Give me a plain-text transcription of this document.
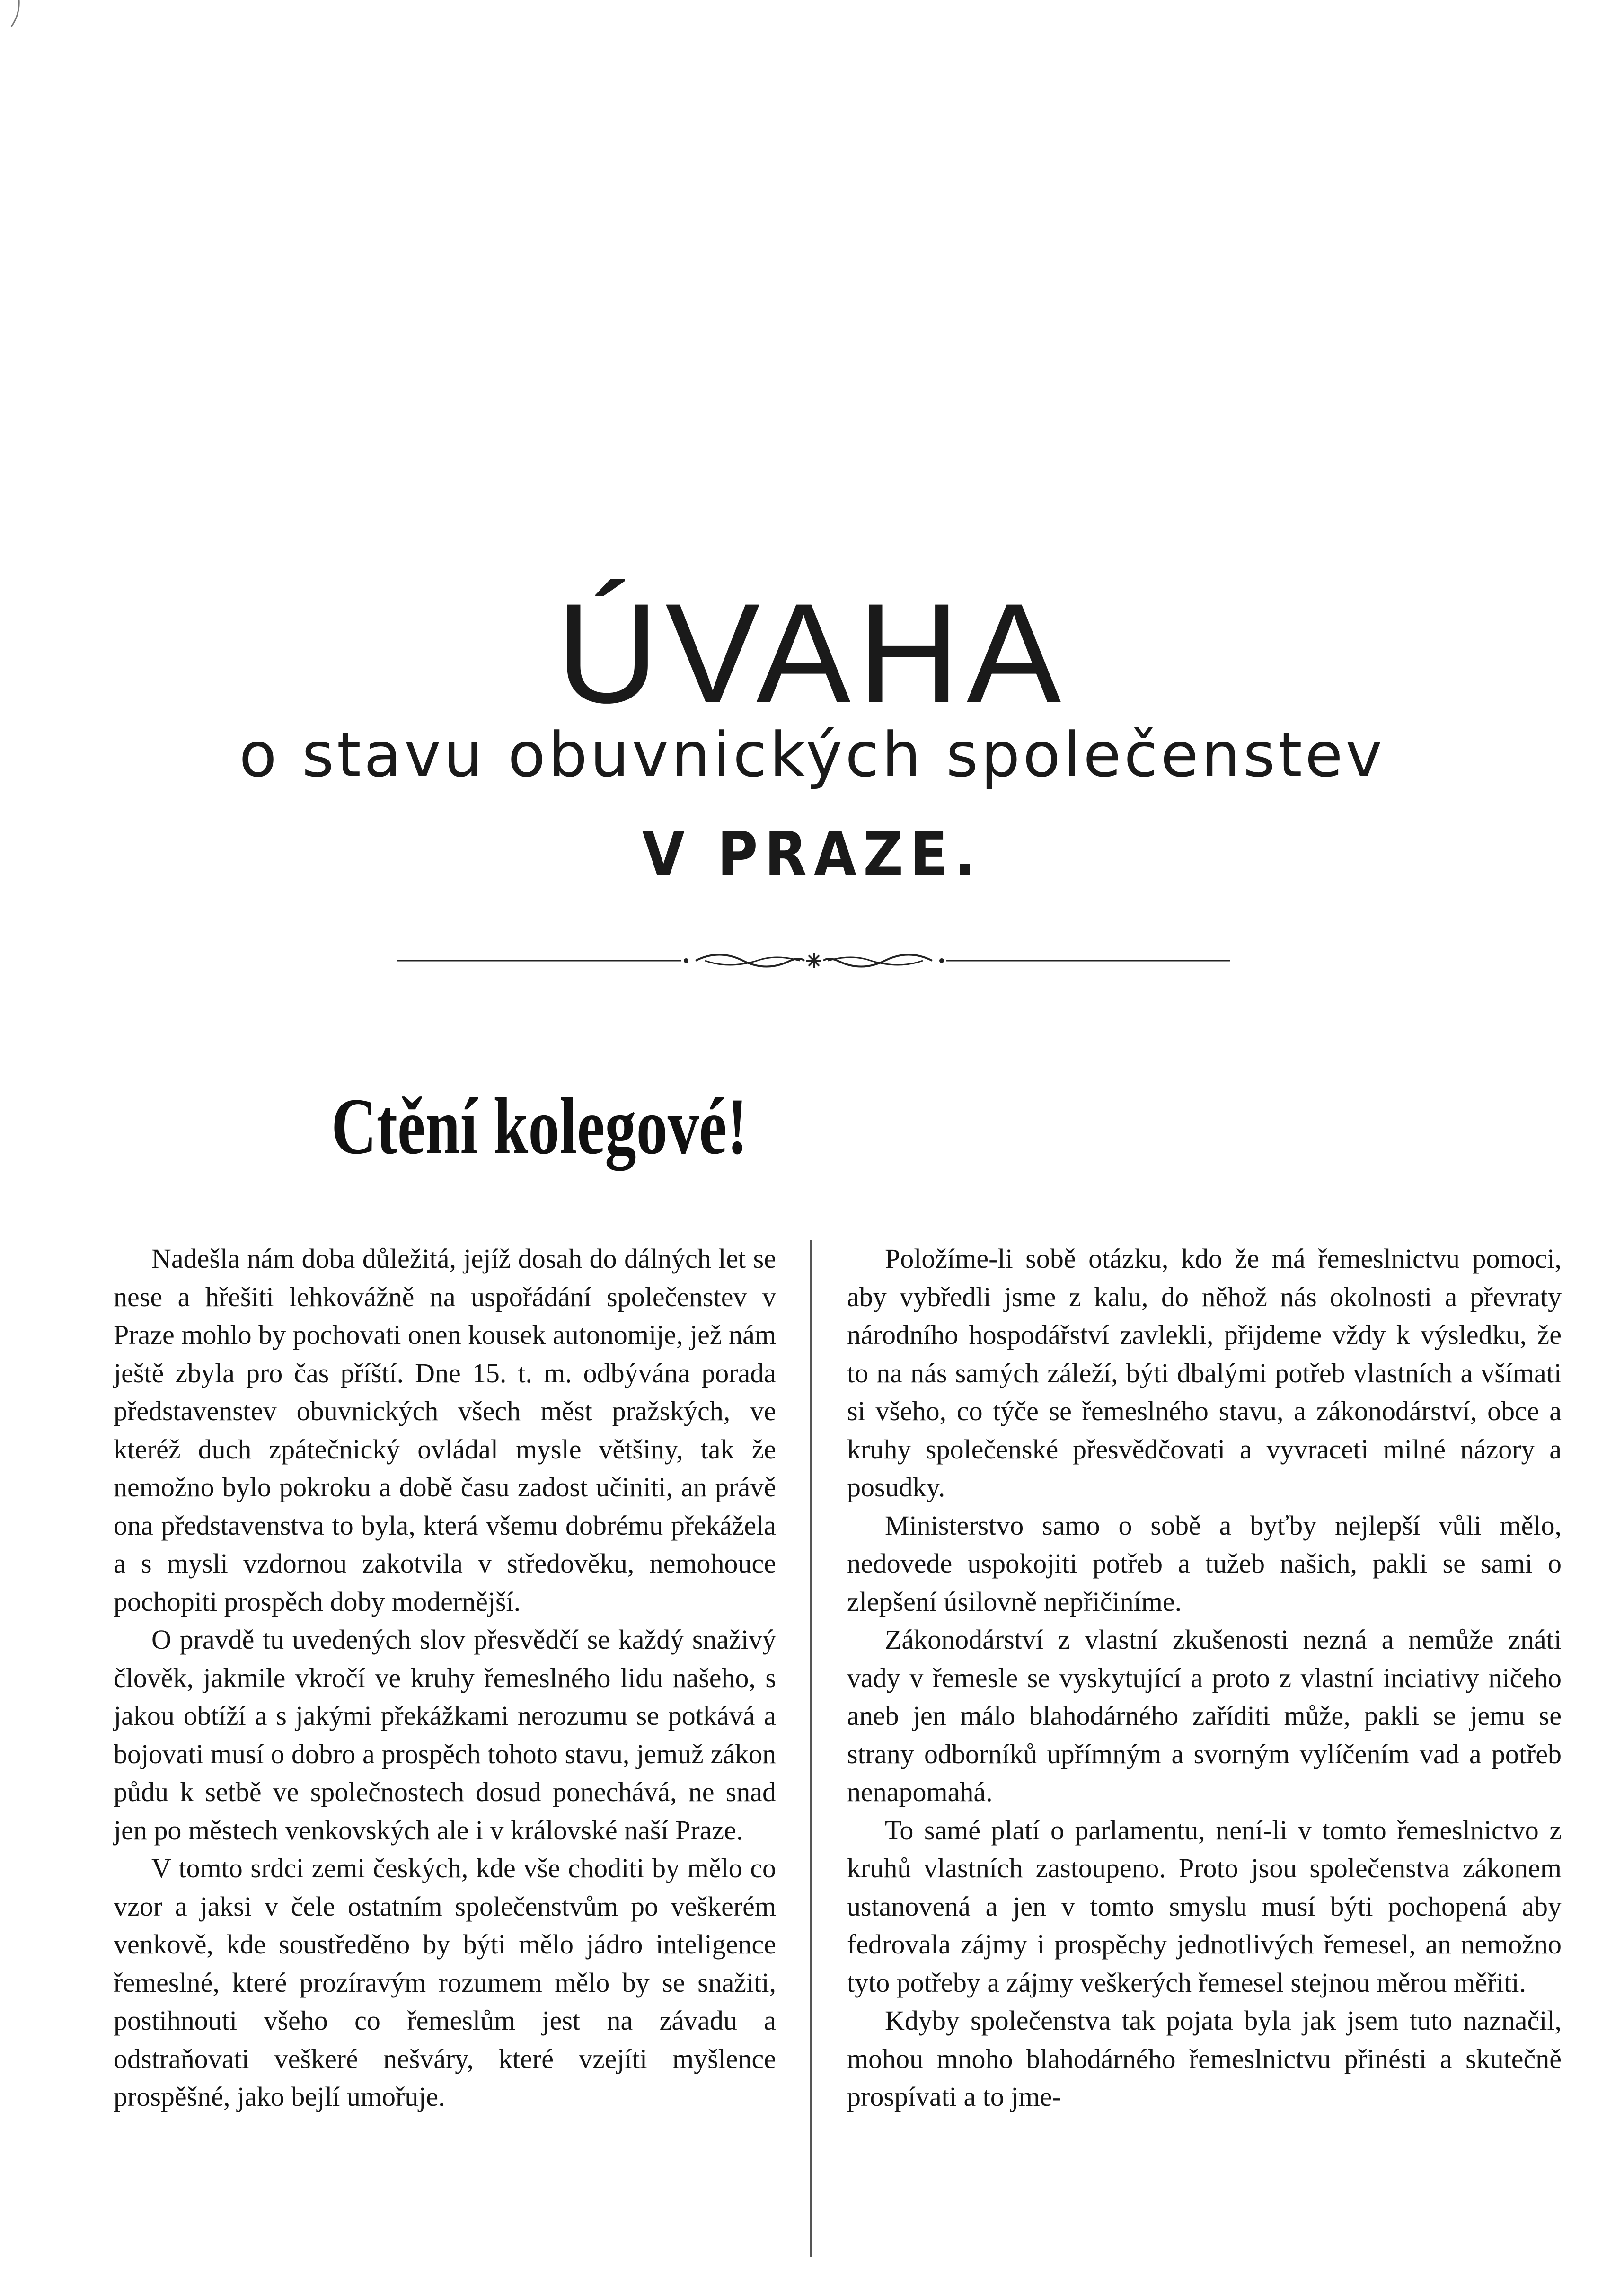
ÚVAHA
o stavu obuvnických společenstev
V PRAZE.
Ctění kolegové!

Nadešla nám doba důležitá, jejíž dosah do dálných let se nese a hřešiti lehkovážně na uspořádání společenstev v Praze mohlo by pochovati onen kousek autonomije, jež nám ještě zbyla pro čas příští. Dne 15. t. m. odbývána porada představenstev obuvnických všech měst pražských, ve kteréž duch zpátečnický ovládal mysle většiny, tak že nemožno bylo pokroku a době času zadost učiniti, an právě ona představenstva to byla, která všemu dobrému překážela a s mysli vzdornou zakotvila v středověku, nemohouce pochopiti prospěch doby modernější.

O pravdě tu uvedených slov přesvědčí se každý snaživý člověk, jakmile vkročí ve kruhy řemeslného lidu našeho, s jakou obtíží a s jakými překážkami nerozumu se potkává a bojovati musí o dobro a prospěch tohoto stavu, jemuž zákon půdu k setbě ve společnostech dosud ponechává, ne snad jen po městech venkovských ale i v královské naší Praze.

V tomto srdci zemi českých, kde vše choditi by mělo co vzor a jaksi v čele ostatním společenstvům po veškerém venkově, kde soustředěno by býti mělo jádro inteligence řemeslné, které prozíravým rozumem mělo by se snažiti, postihnouti všeho co řemeslům jest na závadu a odstraňovati veškeré nešváry, které vzejíti myšlence prospěšné, jako bejlí umořuje.

Položíme-li sobě otázku, kdo že má řemeslnictvu pomoci, aby vybředli jsme z kalu, do něhož nás okolnosti a převraty národního hospodářství zavlekli, přijdeme vždy k výsledku, že to na nás samých záleží, býti dbalými potřeb vlastních a všímati si všeho, co týče se řemeslného stavu, a zákonodárství, obce a kruhy společenské přesvědčovati a vyvraceti milné názory a posudky.

Ministerstvo samo o sobě a byťby nejlepší vůli mělo, nedovede uspokojiti potřeb a tužeb našich, pakli se sami o zlepšení úsilovně nepřičiníme.

Zákonodárství z vlastní zkušenosti nezná a nemůže znáti vady v řemesle se vyskytující a proto z vlastní inciativy ničeho aneb jen málo blahodárného zaříditi může, pakli se jemu se strany odborníků upřímným a svorným vylíčením vad a potřeb nenapomahá.

To samé platí o parlamentu, není-li v tomto řemeslnictvo z kruhů vlastních zastoupeno. Proto jsou společenstva zákonem ustanovená a jen v tomto smyslu musí býti pochopená aby fedrovala zájmy i prospěchy jednotlivých řemesel, an nemožno tyto potřeby a zájmy veškerých řemesel stejnou měrou měřiti.

Kdyby společenstva tak pojata byla jak jsem tuto naznačil, mohou mnoho blahodárného řemeslnictvu přinésti a skutečně prospívati a to jme-
